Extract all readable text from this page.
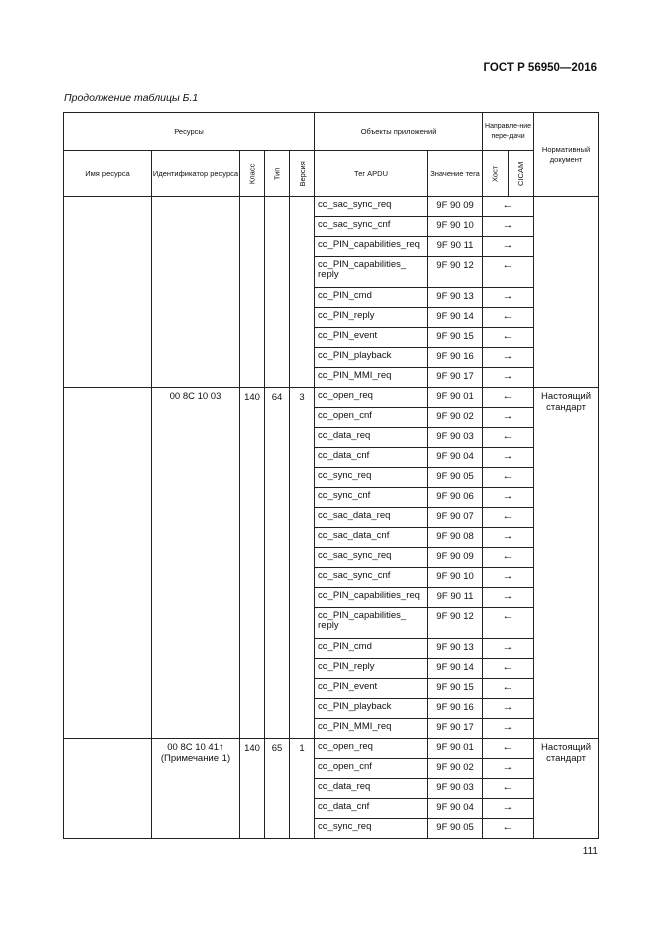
ГОСТ Р 56950—2016
Продолжение таблицы Б.1
Ресурсы					Объекты приложений		Направле-ние пере-дачи		Нормативный документ
Имя ресурса	Идентификатор ресурса	Класс	Тип	Версия	Тег APDU	Значение тега	Хост	CICAM	
					cc_sac_sync_req	9F 90 09	←		
					cc_sac_sync_cnf	9F 90 10	→		
					cc_PIN_capabilities_req	9F 90 11	→		
					cc_PIN_capabilities_ reply	9F 90 12	←		
					cc_PIN_cmd	9F 90 13	→		
					cc_PIN_reply	9F 90 14	←		
					cc_PIN_event	9F 90 15	←		
					cc_PIN_playback	9F 90 16	→		
					cc_PIN_MMI_req	9F 90 17	→		
	00 8C 10 03	140	64	3	cc_open_req	9F 90 01	←		Настоящий стандарт
					cc_open_cnf	9F 90 02	→		
					cc_data_req	9F 90 03	←		
					cc_data_cnf	9F 90 04	→		
					cc_sync_req	9F 90 05	←		
					cc_sync_cnf	9F 90 06	→		
					cc_sac_data_req	9F 90 07	←		
					cc_sac_data_cnf	9F 90 08	→		
					cc_sac_sync_req	9F 90 09	←		
					cc_sac_sync_cnf	9F 90 10	→		
					cc_PIN_capabilities_req	9F 90 11	→		
					cc_PIN_capabilities_ reply	9F 90 12	←		
					cc_PIN_cmd	9F 90 13	→		
					cc_PIN_reply	9F 90 14	←		
					cc_PIN_event	9F 90 15	←		
					cc_PIN_playback	9F 90 16	→		
					cc_PIN_MMI_req	9F 90 17	→		
	00 8C 10 41↑ (Примечание 1)	140	65	1	cc_open_req	9F 90 01	←		Настоящий стандарт
					cc_open_cnf	9F 90 02	→		
					cc_data_req	9F 90 03	←		
					cc_data_cnf	9F 90 04	→		
					cc_sync_req	9F 90 05	←		
111
